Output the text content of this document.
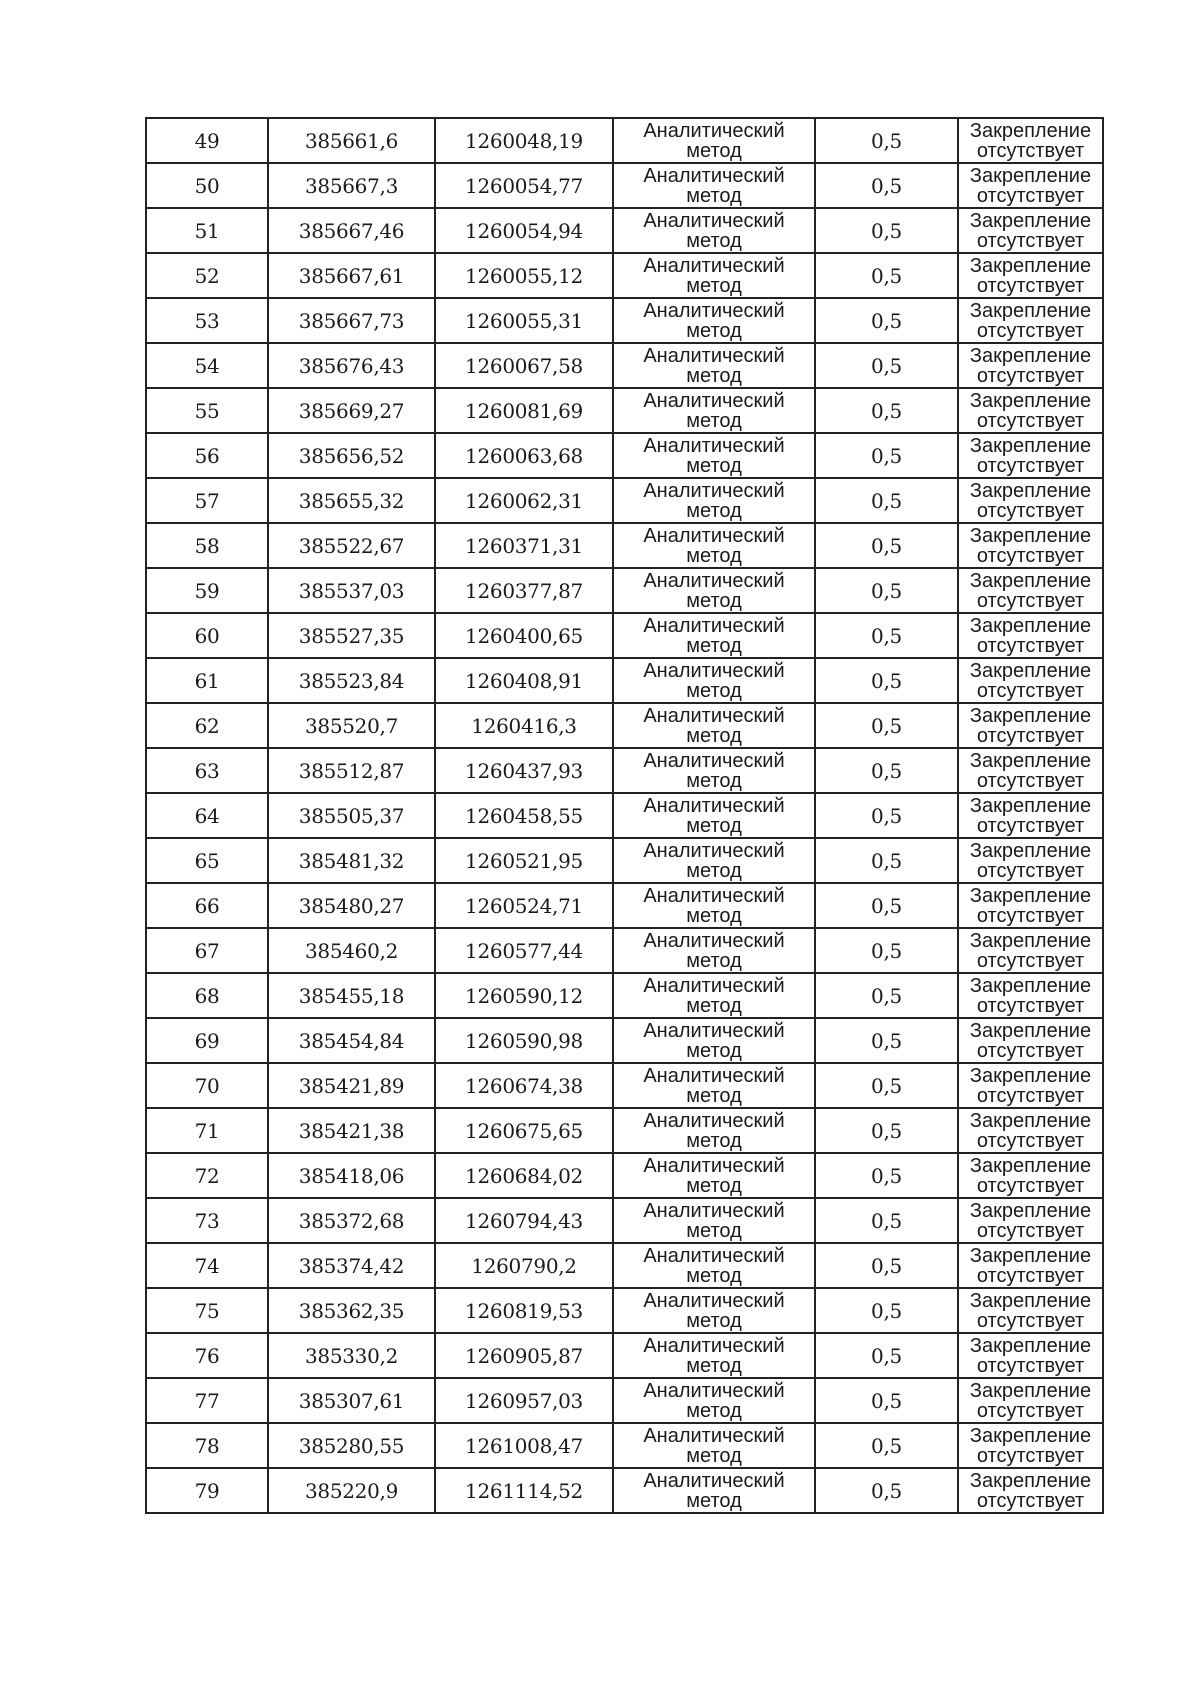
49	385661,6	1260048,19	Аналитический
метод	0,5	Закрепление
отсутствует

50	385667,3	1260054,77	Аналитический
метод	0,5	Закрепление
отсутствует

51	385667,46	1260054,94	Аналитический
метод	0,5	Закрепление
отсутствует

52	385667,61	1260055,12	Аналитический
метод	0,5	Закрепление
отсутствует

53	385667,73	1260055,31	Аналитический
метод	0,5	Закрепление
отсутствует

54	385676,43	1260067,58	Аналитический
метод	0,5	Закрепление
отсутствует

55	385669,27	1260081,69	Аналитический
метод	0,5	Закрепление
отсутствует

56	385656,52	1260063,68	Аналитический
метод	0,5	Закрепление
отсутствует

57	385655,32	1260062,31	Аналитический
метод	0,5	Закрепление
отсутствует

58	385522,67	1260371,31	Аналитический
метод	0,5	Закрепление
отсутствует

59	385537,03	1260377,87	Аналитический
метод	0,5	Закрепление
отсутствует

60	385527,35	1260400,65	Аналитический
метод	0,5	Закрепление
отсутствует

61	385523,84	1260408,91	Аналитический
метод	0,5	Закрепление
отсутствует

62	385520,7	1260416,3	Аналитический
метод	0,5	Закрепление
отсутствует

63	385512,87	1260437,93	Аналитический
метод	0,5	Закрепление
отсутствует

64	385505,37	1260458,55	Аналитический
метод	0,5	Закрепление
отсутствует

65	385481,32	1260521,95	Аналитический
метод	0,5	Закрепление
отсутствует

66	385480,27	1260524,71	Аналитический
метод	0,5	Закрепление
отсутствует

67	385460,2	1260577,44	Аналитический
метод	0,5	Закрепление
отсутствует

68	385455,18	1260590,12	Аналитический
метод	0,5	Закрепление
отсутствует

69	385454,84	1260590,98	Аналитический
метод	0,5	Закрепление
отсутствует

70	385421,89	1260674,38	Аналитический
метод	0,5	Закрепление
отсутствует

71	385421,38	1260675,65	Аналитический
метод	0,5	Закрепление
отсутствует

72	385418,06	1260684,02	Аналитический
метод	0,5	Закрепление
отсутствует

73	385372,68	1260794,43	Аналитический
метод	0,5	Закрепление
отсутствует

74	385374,42	1260790,2	Аналитический
метод	0,5	Закрепление
отсутствует

75	385362,35	1260819,53	Аналитический
метод	0,5	Закрепление
отсутствует

76	385330,2	1260905,87	Аналитический
метод	0,5	Закрепление
отсутствует

77	385307,61	1260957,03	Аналитический
метод	0,5	Закрепление
отсутствует

78	385280,55	1261008,47	Аналитический
метод	0,5	Закрепление
отсутствует

79	385220,9	1261114,52	Аналитический
метод	0,5	Закрепление
отсутствует
